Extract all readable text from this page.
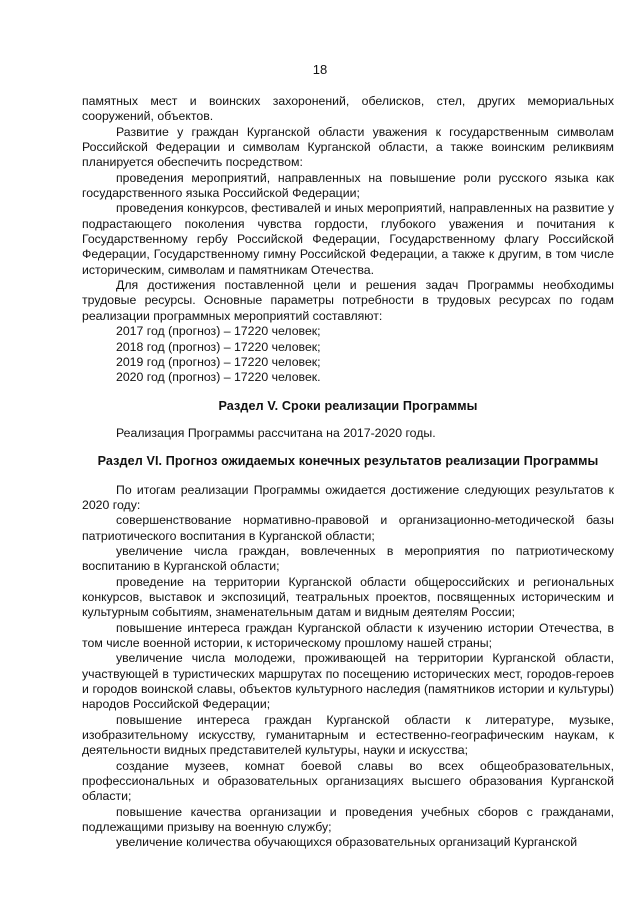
18

памятных мест и воинских захоронений, обелисков, стел, других мемориальных сооружений, объектов.

Развитие у граждан Курганской области уважения к государственным символам Российской Федерации и символам Курганской области, а также воинским реликвиям планируется обеспечить посредством:

проведения мероприятий, направленных на повышение роли русского языка как государственного языка Российской Федерации;

проведения конкурсов, фестивалей и иных мероприятий, направленных на развитие у подрастающего поколения чувства гордости, глубокого уважения и почитания к Государственному гербу Российской Федерации, Государственному флагу Российской Федерации, Государственному гимну Российской Федерации, а также к другим, в том числе историческим, символам и памятникам Отечества.

Для достижения поставленной цели и решения задач Программы необходимы трудовые ресурсы. Основные параметры потребности в трудовых ресурсах по годам реализации программных мероприятий составляют:

2017 год (прогноз) – 17220 человек;

2018 год (прогноз) – 17220 человек;

2019 год (прогноз) – 17220 человек;

2020 год (прогноз) – 17220 человек.

Раздел V. Сроки реализации Программы

Реализация Программы рассчитана на 2017-2020 годы.

Раздел VI. Прогноз ожидаемых конечных результатов реализации Программы

По итогам реализации Программы ожидается достижение следующих результатов к 2020 году:

совершенствование нормативно-правовой и организационно-методической базы патриотического воспитания в Курганской области;

увеличение числа граждан, вовлеченных в мероприятия по патриотическому воспитанию в Курганской области;

проведение на территории Курганской области общероссийских и региональных конкурсов, выставок и экспозиций, театральных проектов, посвященных историческим и культурным событиям, знаменательным датам и видным деятелям России;

повышение интереса граждан Курганской области к изучению истории Отечества, в том числе военной истории, к историческому прошлому нашей страны;

увеличение числа молодежи, проживающей на территории Курганской области, участвующей в туристических маршрутах по посещению исторических мест, городов-героев и городов воинской славы, объектов культурного наследия (памятников истории и культуры) народов Российской Федерации;

повышение интереса граждан Курганской области к литературе, музыке, изобразительному искусству, гуманитарным и естественно-географическим наукам, к деятельности видных представителей культуры, науки и искусства;

создание музеев, комнат боевой славы во всех общеобразовательных, профессиональных и образовательных организациях высшего образования Курганской области;

повышение качества организации и проведения учебных сборов с гражданами, подлежащими призыву на военную службу;

увеличение количества обучающихся образовательных организаций Курганской
